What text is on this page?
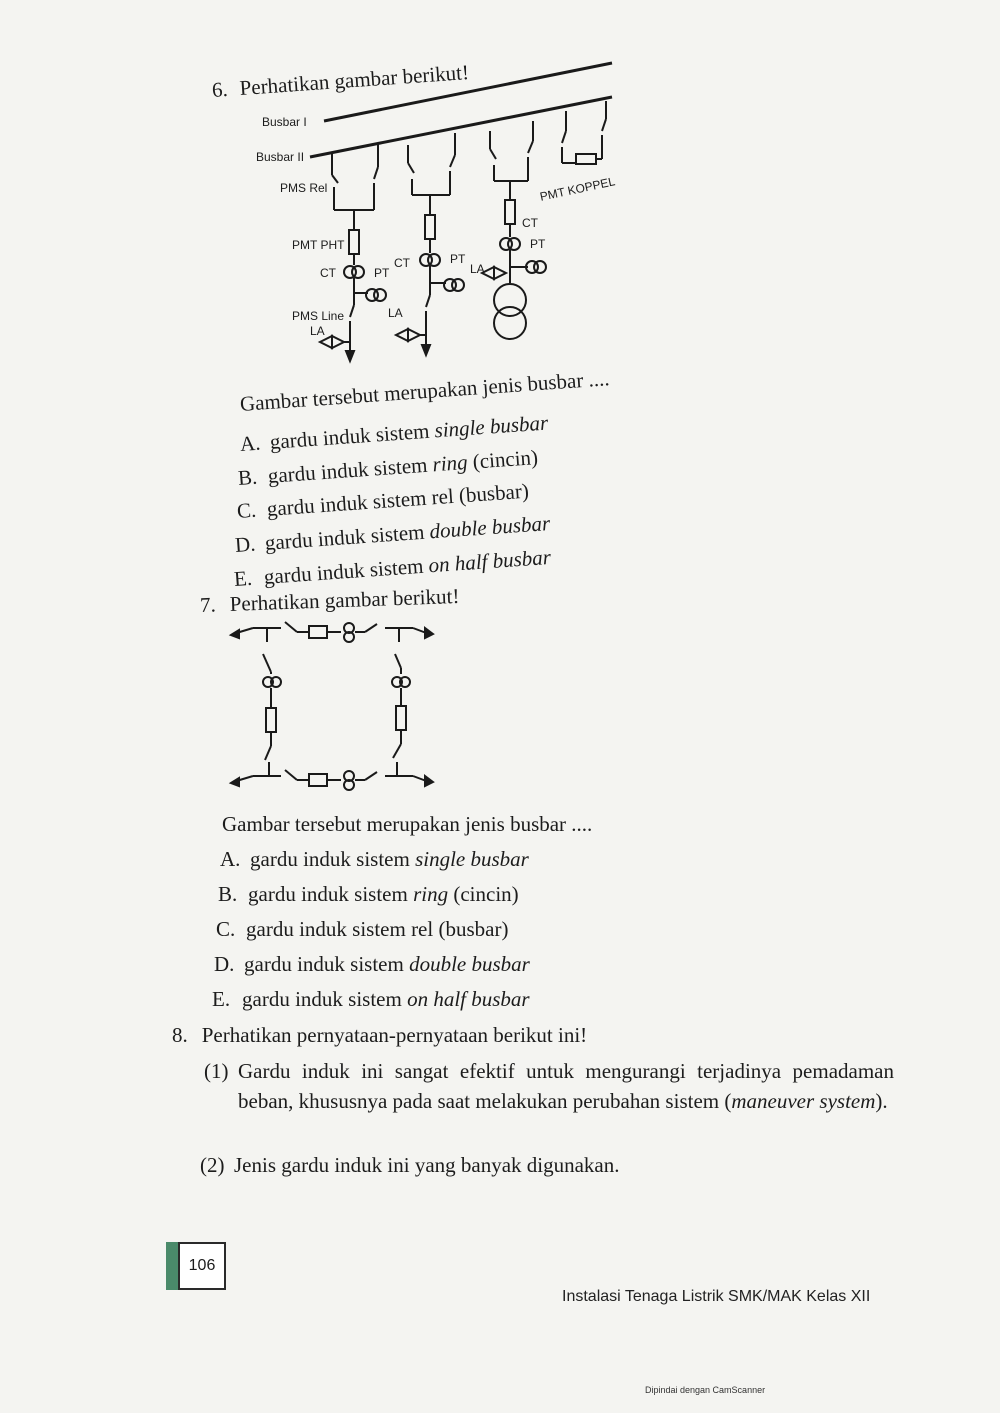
6. Perhatikan gambar berikut!
Busbar I
Busbar II
PMS Rel	PMT KOPPEL
PMT PHT
CT	PT
CT	PT
LA
CT
PT
PMS Line
LA
LA
Gambar tersebut merupakan jenis busbar ....
A. gardu induk sistem single busbar
B. gardu induk sistem ring (cincin)
C. gardu induk sistem rel (busbar)
D. gardu induk sistem double busbar
E. gardu induk sistem on half busbar
7. Perhatikan gambar berikut!
Gambar tersebut merupakan jenis busbar ....
A. gardu induk sistem single busbar
B. gardu induk sistem ring (cincin)
C. gardu induk sistem rel (busbar)
D. gardu induk sistem double busbar
E. gardu induk sistem on half busbar
8. Perhatikan pernyataan-pernyataan berikut ini!
(1) Gardu induk ini sangat efektif untuk mengurangi terjadinya pemadaman beban, khususnya pada saat melakukan perubahan sistem (maneuver system).
(2) Jenis gardu induk ini yang banyak digunakan.
106
Instalasi Tenaga Listrik SMK/MAK Kelas XII
Dipindai dengan CamScanner
